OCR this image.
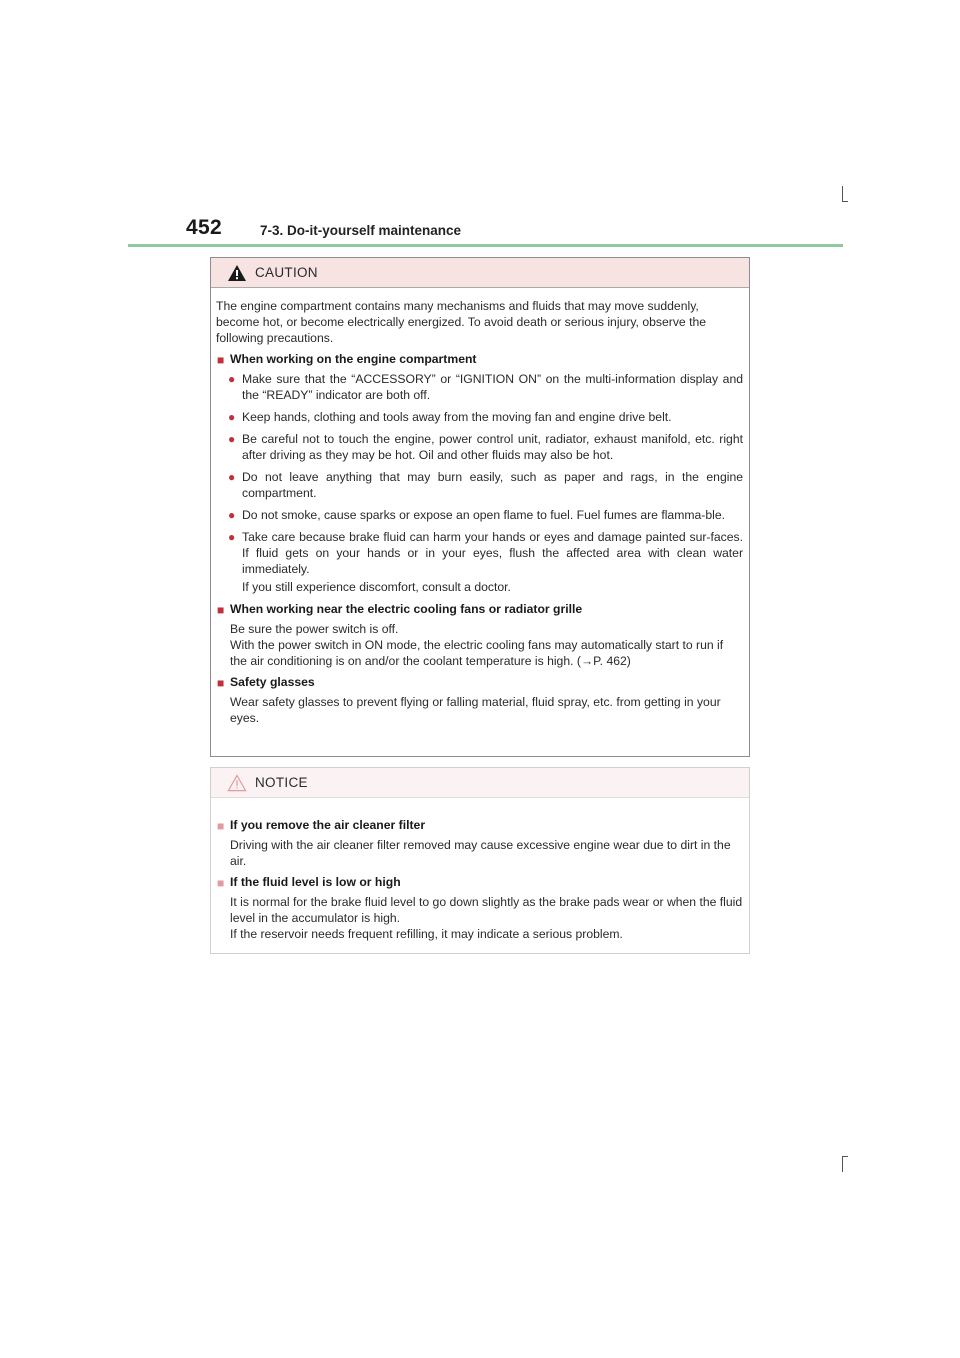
452	7-3. Do-it-yourself maintenance
CAUTION

The engine compartment contains many mechanisms and fluids that may move suddenly, become hot, or become electrically energized. To avoid death or serious injury, observe the following precautions.

■ When working on the engine compartment
● Make sure that the “ACCESSORY” or “IGNITION ON” on the multi-information display and the “READY” indicator are both off.
● Keep hands, clothing and tools away from the moving fan and engine drive belt.
● Be careful not to touch the engine, power control unit, radiator, exhaust manifold, etc. right after driving as they may be hot. Oil and other fluids may also be hot.
● Do not leave anything that may burn easily, such as paper and rags, in the engine compartment.
● Do not smoke, cause sparks or expose an open flame to fuel. Fuel fumes are flamma-ble.
● Take care because brake fluid can harm your hands or eyes and damage painted sur-faces. If fluid gets on your hands or in your eyes, flush the affected area with clean water immediately.
If you still experience discomfort, consult a doctor.
■ When working near the electric cooling fans or radiator grille
Be sure the power switch is off.
With the power switch in ON mode, the electric cooling fans may automatically start to run if the air conditioning is on and/or the coolant temperature is high. (→P. 462)
■ Safety glasses
Wear safety glasses to prevent flying or falling material, fluid spray, etc. from getting in your eyes.
NOTICE
■ If you remove the air cleaner filter
Driving with the air cleaner filter removed may cause excessive engine wear due to dirt in the air.
■ If the fluid level is low or high
It is normal for the brake fluid level to go down slightly as the brake pads wear or when the fluid level in the accumulator is high.
If the reservoir needs frequent refilling, it may indicate a serious problem.
